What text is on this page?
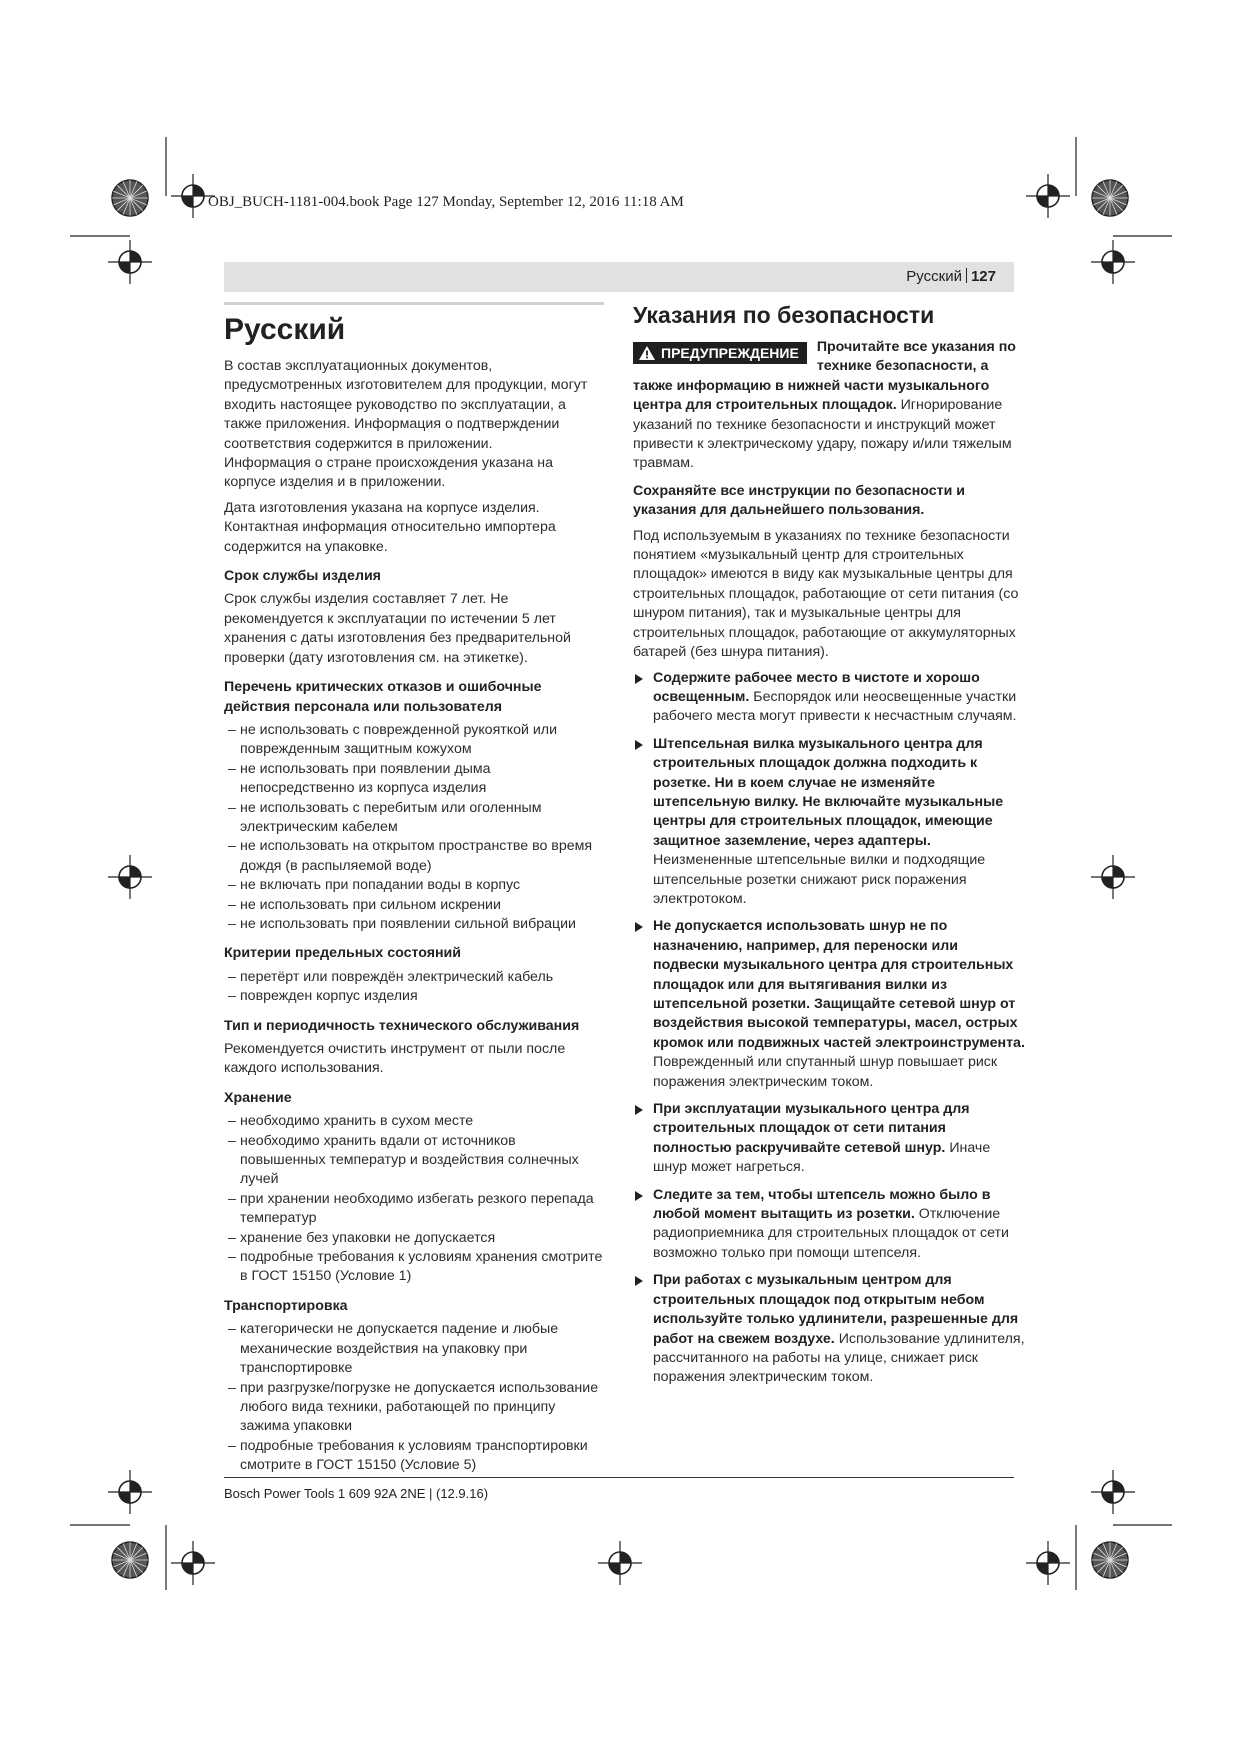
OBJ_BUCH-1181-004.book Page 127 Monday, September 12, 2016 11:18 AM
Русский 127
Русский

В состав эксплуатационных документов, предусмотренных изготовителем для продукции, могут входить настоящее руководство по эксплуатации, а также приложения. Информация о подтверждении соответствия содержится в приложении.

Информация о стране происхождения указана на корпусе изделия и в приложении.

Дата изготовления указана на корпусе изделия. Контактная информация относительно импортера содержится на упаковке.

Срок службы изделия

Срок службы изделия составляет 7 лет. Не рекомендуется к эксплуатации по истечении 5 лет хранения с даты изготовления без предварительной проверки (дату изготовления см. на этикетке).

Перечень критических отказов и ошибочные действия персонала или пользователя
– не использовать с поврежденной рукояткой или поврежденным защитным кожухом
– не использовать при появлении дыма непосредственно из корпуса изделия
– не использовать с перебитым или оголенным электрическим кабелем
– не использовать на открытом пространстве во время дождя (в распыляемой воде)
– не включать при попадании воды в корпус
– не использовать при сильном искрении
– не использовать при появлении сильной вибрации
Критерии предельных состояний
– перетёрт или повреждён электрический кабель
– поврежден корпус изделия
Тип и периодичность технического обслуживания

Рекомендуется очистить инструмент от пыли после каждого использования.

Хранение
– необходимо хранить в сухом месте
– необходимо хранить вдали от источников повышенных температур и воздействия солнечных лучей
– при хранении необходимо избегать резкого перепада температур
– хранение без упаковки не допускается
– подробные требования к условиям хранения смотрите в ГОСТ 15150 (Условие 1)
Транспортировка
– категорически не допускается падение и любые механические воздействия на упаковку при транспортировке
– при разгрузке/погрузке не допускается использование любого вида техники, работающей по принципу зажима упаковки
– подробные требования к условиям транспортировки смотрите в ГОСТ 15150 (Условие 5)
Указания по безопасности
ПРЕДУПРЕЖДЕНИЕ	Прочитайте все указания по технике безопасности, а также информацию в нижней части музыкального центра для строительных площадок. Игнорирование указаний по технике безопасности и инструкций может привести к электрическому удару, пожару и/или тяжелым травмам.

Сохраняйте все инструкции по безопасности и указания для дальнейшего пользования.

Под используемым в указаниях по технике безопасности понятием «музыкальный центр для строительных площадок» имеются в виду как музыкальные центры для строительных площадок, работающие от сети питания (со шнуром питания), так и музыкальные центры для строительных площадок, работающие от аккумуляторных батарей (без шнура питания).

Содержите рабочее место в чистоте и хорошо освещенным. Беспорядок или неосвещенные участки рабочего места могут привести к несчастным случаям.
Штепсельная вилка музыкального центра для строительных площадок должна подходить к розетке. Ни в коем случае не изменяйте штепсельную вилку. Не включайте музыкальные центры для строительных площадок, имеющие защитное заземление, через адаптеры. Неизмененные штепсельные вилки и подходящие штепсельные розетки снижают риск поражения электротоком.
Не допускается использовать шнур не по назначению, например, для переноски или подвески музыкального центра для строительных площадок или для вытягивания вилки из штепсельной розетки. Защищайте сетевой шнур от воздействия высокой температуры, масел, острых кромок или подвижных частей электроинструмента. Поврежденный или спутанный шнур повышает риск поражения электрическим током.
При эксплуатации музыкального центра для строительных площадок от сети питания полностью раскручивайте сетевой шнур. Иначе шнур может нагреться.
Следите за тем, чтобы штепсель можно было в любой момент вытащить из розетки. Отключение радиоприемника для строительных площадок от сети возможно только при помощи штепселя.
При работах с музыкальным центром для строительных площадок под открытым небом используйте только удлинители, разрешенные для работ на свежем воздухе. Использование удлинителя, рассчитанного на работы на улице, снижает риск поражения электрическим током.
Bosch Power Tools 1 609 92A 2NE | (12.9.16)
